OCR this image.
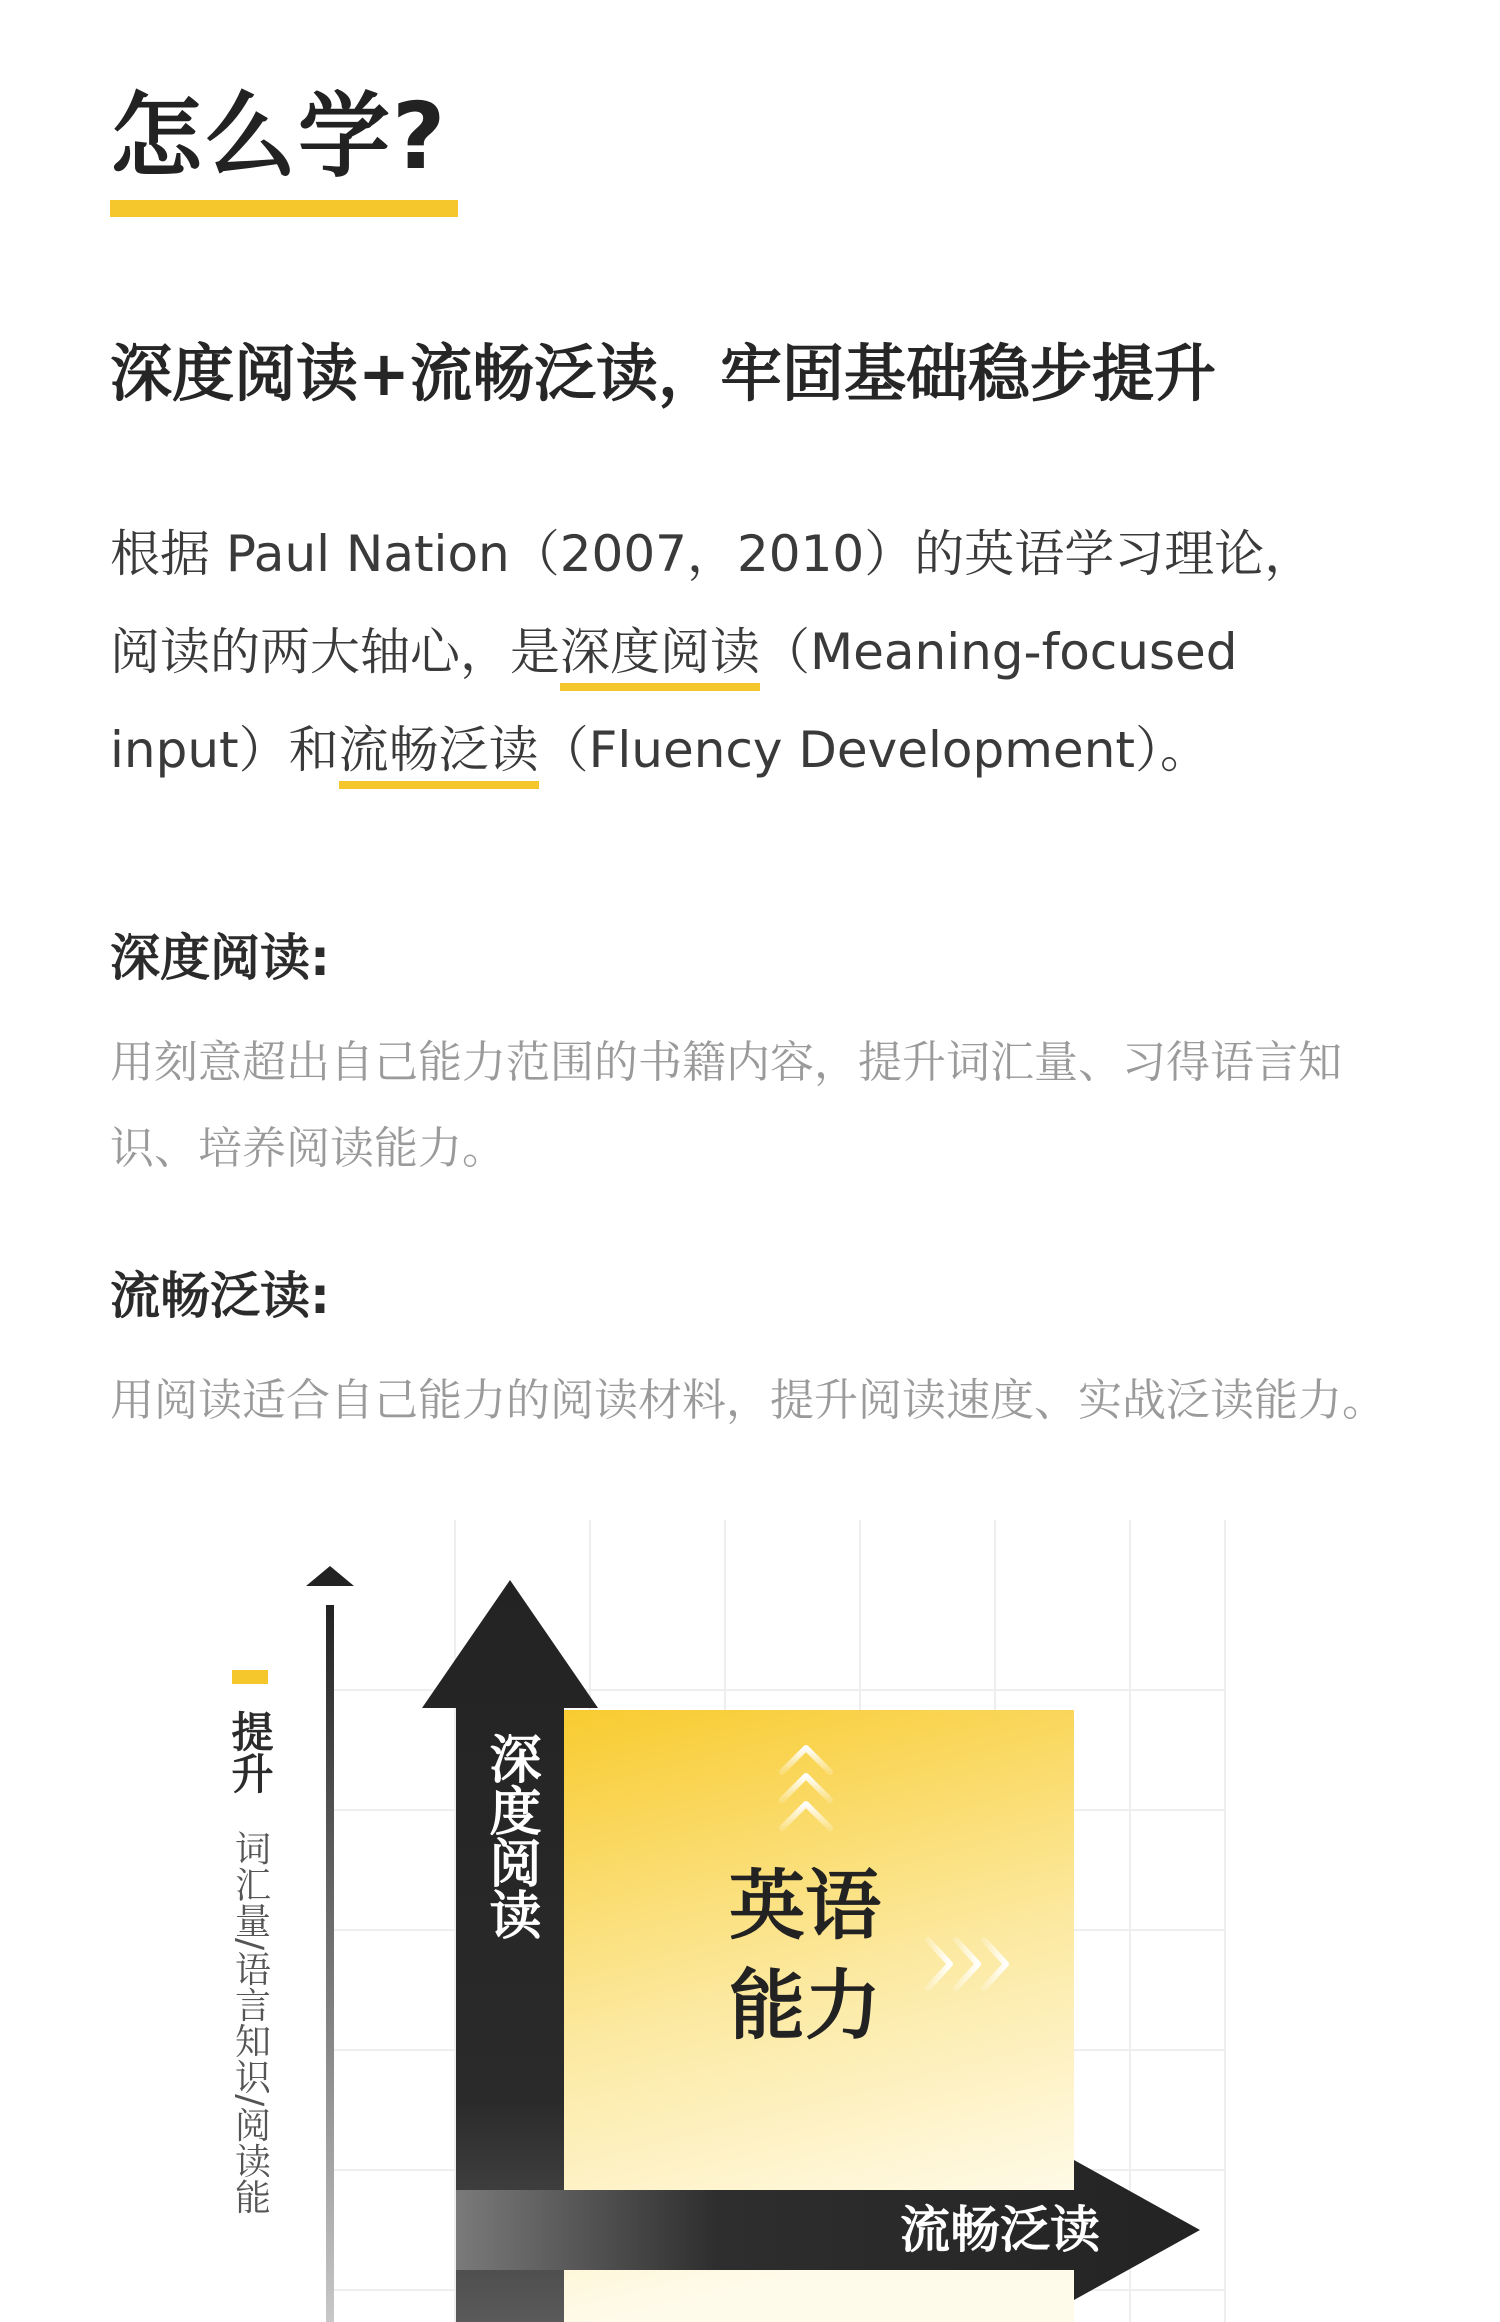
怎么学?
深度阅读+流畅泛读，牢固基础稳步提升

根据 Paul Nation（2007，2010）的英语学习理论，
阅读的两大轴心，是深度阅读（Meaning-focused
input）和流畅泛读（Fluency Development）。

深度阅读:

用刻意超出自己能力范围的书籍内容，提升词汇量、习得语言知
识、培养阅读能力。

流畅泛读:

用阅读适合自己能力的阅读材料，提升阅读速度、实战泛读能力。

提升
词汇量/语言知识/阅读能	英语
能力
深度阅读
流畅泛读
